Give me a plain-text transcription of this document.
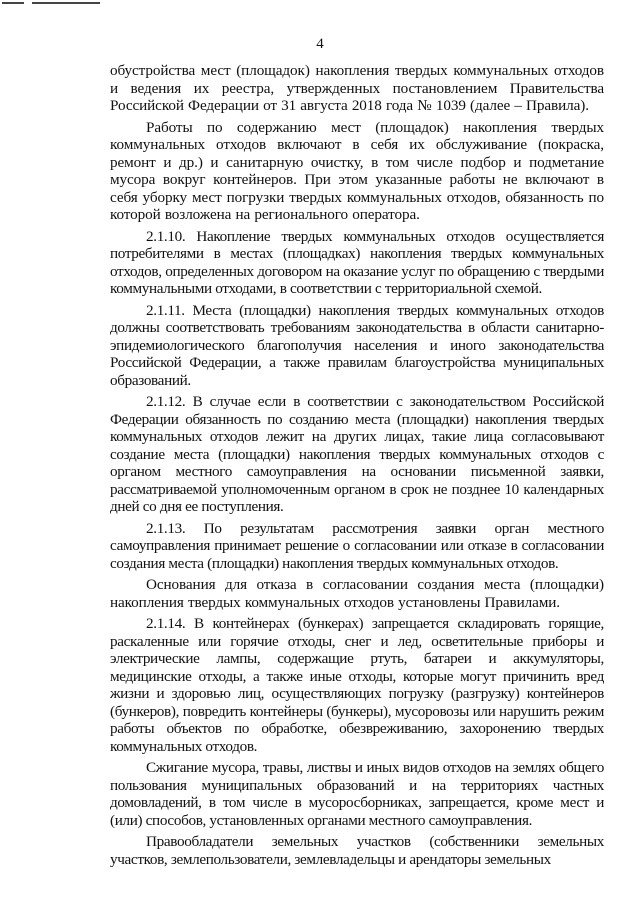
4

обустройства мест (площадок) накопления твердых коммунальных отходов и ведения их реестра, утвержденных постановлением Правительства Российской Федерации от 31 августа 2018 года № 1039 (далее – Правила).

Работы по содержанию мест (площадок) накопления твердых коммунальных отходов включают в себя их обслуживание (покраска, ремонт и др.) и санитарную очистку, в том числе подбор и подметание мусора вокруг контейнеров. При этом указанные работы не включают в себя уборку мест погрузки твердых коммунальных отходов, обязанность по которой возложена на регионального оператора.

2.1.10. Накопление твердых коммунальных отходов осуществляется потребителями в местах (площадках) накопления твердых коммунальных отходов, определенных договором на оказание услуг по обращению с твердыми коммунальными отходами, в соответствии с территориальной схемой.

2.1.11. Места (площадки) накопления твердых коммунальных отходов должны соответствовать требованиям законодательства в области санитарно-эпидемиологического благополучия населения и иного законодательства Российской Федерации, а также правилам благоустройства муниципальных образований.

2.1.12. В случае если в соответствии с законодательством Российской Федерации обязанность по созданию места (площадки) накопления твердых коммунальных отходов лежит на других лицах, такие лица согласовывают создание места (площадки) накопления твердых коммунальных отходов с органом местного самоуправления на основании письменной заявки, рассматриваемой уполномоченным органом в срок не позднее 10 календарных дней со дня ее поступления.

2.1.13. По результатам рассмотрения заявки орган местного самоуправления принимает решение о согласовании или отказе в согласовании создания места (площадки) накопления твердых коммунальных отходов.

Основания для отказа в согласовании создания места (площадки) накопления твердых коммунальных отходов установлены Правилами.

2.1.14. В контейнерах (бункерах) запрещается складировать горящие, раскаленные или горячие отходы, снег и лед, осветительные приборы и электрические лампы, содержащие ртуть, батареи и аккумуляторы, медицинские отходы, а также иные отходы, которые могут причинить вред жизни и здоровью лиц, осуществляющих погрузку (разгрузку) контейнеров (бункеров), повредить контейнеры (бункеры), мусоровозы или нарушить режим работы объектов по обработке, обезвреживанию, захоронению твердых коммунальных отходов.

Сжигание мусора, травы, листвы и иных видов отходов на землях общего пользования муниципальных образований и на территориях частных домовладений, в том числе в мусоросборниках, запрещается, кроме мест и (или) способов, установленных органами местного самоуправления.

Правообладатели земельных участков (собственники земельных участков, землепользователи, землевладельцы и арендаторы земельных
